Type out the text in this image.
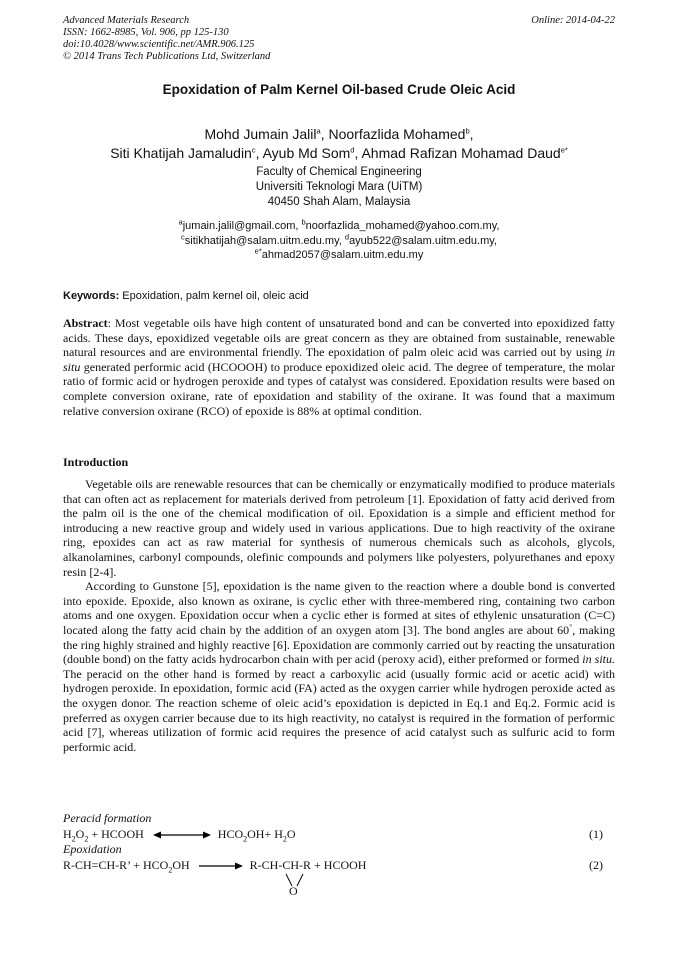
Advanced Materials Research
ISSN: 1662-8985, Vol. 906, pp 125-130
doi:10.4028/www.scientific.net/AMR.906.125
© 2014 Trans Tech Publications Ltd, Switzerland
Online: 2014-04-22
Epoxidation of Palm Kernel Oil-based Crude Oleic Acid
Mohd Jumain Jalil$^a$, Noorfazlida Mohamed$^b$,
Siti Khatijah Jamaludin$^c$, Ayub Md Som$^d$, Ahmad Rafizan Mohamad Daud$^{e*}$
Faculty of Chemical Engineering
Universiti Teknologi Mara (UiTM)
40450 Shah Alam, Malaysia
$^a$jumain.jalil@gmail.com, $^b$noorfazlida_mohamed@yahoo.com.my,
$^c$sitikhatijah@salam.uitm.edu.my, $^d$ayub522@salam.uitm.edu.my,
$^{e*}$ahmad2057@salam.uitm.edu.my
Keywords: Epoxidation, palm kernel oil, oleic acid
Abstract: Most vegetable oils have high content of unsaturated bond and can be converted into epoxidized fatty acids. These days, epoxidized vegetable oils are great concern as they are obtained from sustainable, renewable natural resources and are environmental friendly. The epoxidation of palm oleic acid was carried out by using in situ generated performic acid (HCOOOH) to produce epoxidized oleic acid. The degree of temperature, the molar ratio of formic acid or hydrogen peroxide and types of catalyst was considered. Epoxidation results were based on complete conversion oxirane, rate of epoxidation and stability of the oxirane. It was found that a maximum relative conversion oxirane (RCO) of epoxide is 88% at optimal condition.
Introduction

Vegetable oils are renewable resources that can be chemically or enzymatically modified to produce materials that can often act as replacement for materials derived from petroleum [1]. Epoxidation of fatty acid derived from the palm oil is the one of the chemical modification of oil. Epoxidation is a simple and efficient method for introducing a new reactive group and widely used in various applications. Due to high reactivity of the oxirane ring, epoxides can act as raw material for synthesis of numerous chemicals such as alcohols, glycols, alkanolamines, carbonyl compounds, olefinic compounds and polymers like polyesters, polyurethanes and epoxy resin [2-4].

According to Gunstone [5], epoxidation is the name given to the reaction where a double bond is converted into epoxide. Epoxide, also known as oxirane, is cyclic ether with three-membered ring, containing two carbon atoms and one oxygen. Epoxidation occur when a cyclic ether is formed at sites of ethylenic unsaturation (C=C) located along the fatty acid chain by the addition of an oxygen atom [3]. The bond angles are about 60°, making the ring highly strained and highly reactive [6]. Epoxidation are commonly carried out by reacting the unsaturation (double bond) on the fatty acids hydrocarbon chain with per acid (peroxy acid), either preformed or formed in situ. The peracid on the other hand is formed by react a carboxylic acid (usually formic acid or acetic acid) with hydrogen peroxide. In epoxidation, formic acid (FA) acted as the oxygen carrier while hydrogen peroxide acted as the oxygen donor. The reaction scheme of oleic acid’s epoxidation is depicted in Eq.1 and Eq.2. Formic acid is preferred as oxygen carrier because due to its high reactivity, no catalyst is required in the formation of performic acid [7], whereas utilization of formic acid requires the presence of acid catalyst such as sulfuric acid to form performic acid.

Peracid formation
$H_2O_2$ + HCOOH	$HCO_2OH+ H_2O$	(1)
Epoxidation
R-CH=CH-R’ + $HCO_2OH$	R-CH-CH-R + HCOOH	(2)
O
